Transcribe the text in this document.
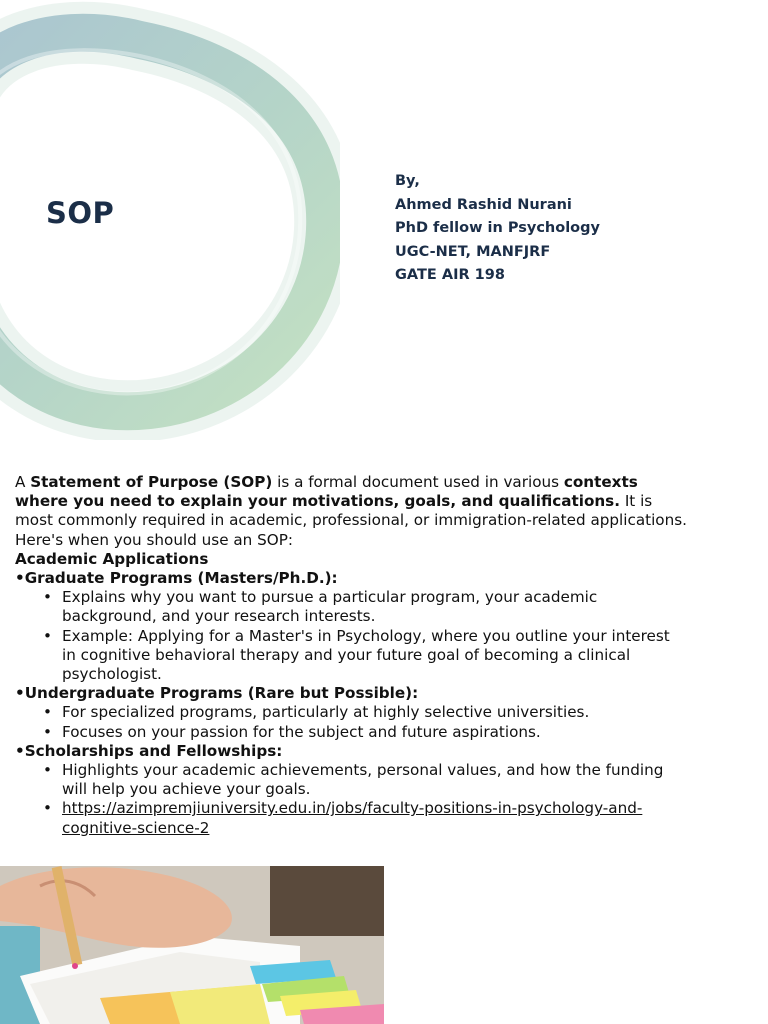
SOP
By,
Ahmed Rashid Nurani
PhD fellow in Psychology
UGC-NET, MANFJRF
GATE AIR 198

A Statement of Purpose (SOP) is a formal document used in various contexts where you need to explain your motivations, goals, and qualifications. It is most commonly required in academic, professional, or immigration-related applications. Here's when you should use an SOP:

Academic Applications

•Graduate Programs (Masters/Ph.D.):

• Explains why you want to pursue a particular program, your academic background, and your research interests.
• Example: Applying for a Master's in Psychology, where you outline your interest in cognitive behavioral therapy and your future goal of becoming a clinical psychologist.

•Undergraduate Programs (Rare but Possible):

• For specialized programs, particularly at highly selective universities.
• Focuses on your passion for the subject and future aspirations.

•Scholarships and Fellowships:

• Highlights your academic achievements, personal values, and how the funding will help you achieve your goals.
• https://azimpremjiuniversity.edu.in/jobs/faculty-positions-in-psychology-and-cognitive-science-2
